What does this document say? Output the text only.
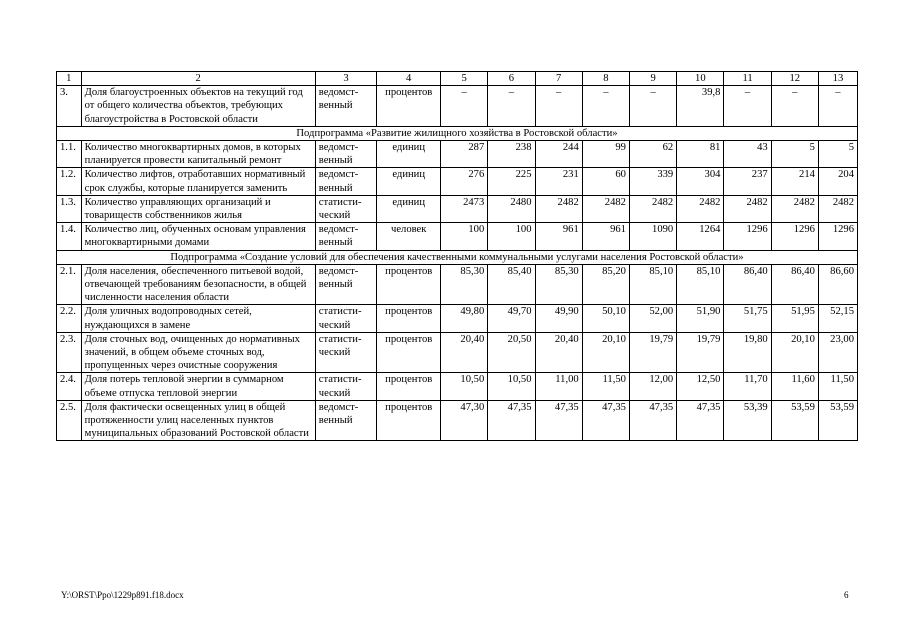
1	2	3	4	5	6	7	8	9	10	11	12	13
3.	Доля благоустроенных объектов на текущий год от общего количества объектов, требующих благоустройства в Ростовской области	ведомст-венный	процентов	–	–	–	–	–	39,8	–	–	–
Подпрограмма «Развитие жилищного хозяйства в Ростовской области»												
1.1.	Количество многоквартирных домов, в которых планируется провести капитальный ремонт	ведомст-венный	единиц	287	238	244	99	62	81	43	5	5
1.2.	Количество лифтов, отработавших нормативный срок службы, которые планируется заменить	ведомст-венный	единиц	276	225	231	60	339	304	237	214	204
1.3.	Количество управляющих организаций и товариществ собственников жилья	статисти-ческий	единиц	2473	2480	2482	2482	2482	2482	2482	2482	2482
1.4.	Количество лиц, обученных основам управления многоквартирными домами	ведомст-венный	человек	100	100	961	961	1090	1264	1296	1296	1296
Подпрограмма «Создание условий для обеспечения качественными коммунальными услугами населения Ростовской области»												
2.1.	Доля населения, обеспеченного питьевой водой, отвечающей требованиям безопасности, в общей численности населения области	ведомст-венный	процентов	85,30	85,40	85,30	85,20	85,10	85,10	86,40	86,40	86,60
2.2.	Доля уличных водопроводных сетей, нуждающихся в замене	статисти-ческий	процентов	49,80	49,70	49,90	50,10	52,00	51,90	51,75	51,95	52,15
2.3.	Доля сточных вод, очищенных до нормативных значений, в общем объеме сточных вод, пропущенных через очистные сооружения	статисти-ческий	процентов	20,40	20,50	20,40	20,10	19,79	19,79	19,80	20,10	23,00
2.4.	Доля потерь тепловой энергии в суммарном объеме отпуска тепловой энергии	статисти-ческий	процентов	10,50	10,50	11,00	11,50	12,00	12,50	11,70	11,60	11,50
2.5.	Доля фактически освещенных улиц в общей протяженности улиц населенных пунктов муниципальных образований Ростовской области	ведомст-венный	процентов	47,30	47,35	47,35	47,35	47,35	47,35	53,39	53,59	53,59
Y:\ORST\Ppo\1229p891.f18.docx	6
